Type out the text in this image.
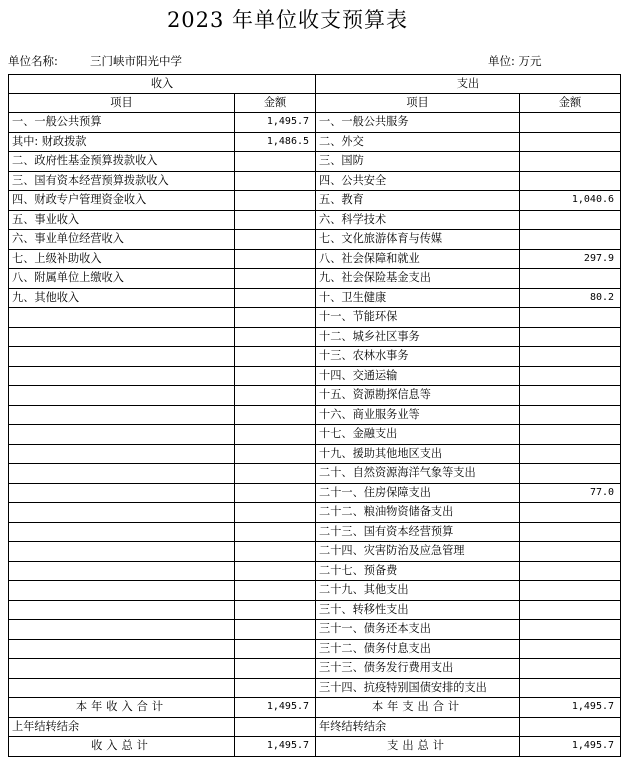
2023 年单位收支预算表
单位名称:	三门峡市阳光中学	单位: 万元
收入		支出	
项目	金额	项目	金额
一、一般公共预算	1,495.7	一、一般公共服务	
其中: 财政拨款	1,486.5	二、外交	
二、政府性基金预算拨款收入		三、国防	
三、国有资本经营预算拨款收入		四、公共安全	
四、财政专户管理资金收入		五、教育	1,040.6
五、事业收入		六、科学技术	
六、事业单位经营收入		七、文化旅游体育与传媒	
七、上级补助收入		八、社会保障和就业	297.9
八、附属单位上缴收入		九、社会保险基金支出	
九、其他收入		十、卫生健康	80.2
		十一、节能环保	
		十二、城乡社区事务	
		十三、农林水事务	
		十四、交通运输	
		十五、资源勘探信息等	
		十六、商业服务业等	
		十七、金融支出	
		十九、援助其他地区支出	
		二十、自然资源海洋气象等支出	
		二十一、住房保障支出	77.0
		二十二、粮油物资储备支出	
		二十三、国有资本经营预算	
		二十四、灾害防治及应急管理	
		二十七、预备费	
		二十九、其他支出	
		三十、转移性支出	
		三十一、债务还本支出	
		三十二、债务付息支出	
		三十三、债务发行费用支出	
		三十四、抗疫特别国债安排的支出	
本年收入合计	1,495.7	本年支出合计	1,495.7
上年结转结余		年终结转结余	
收入总计	1,495.7	支出总计	1,495.7
